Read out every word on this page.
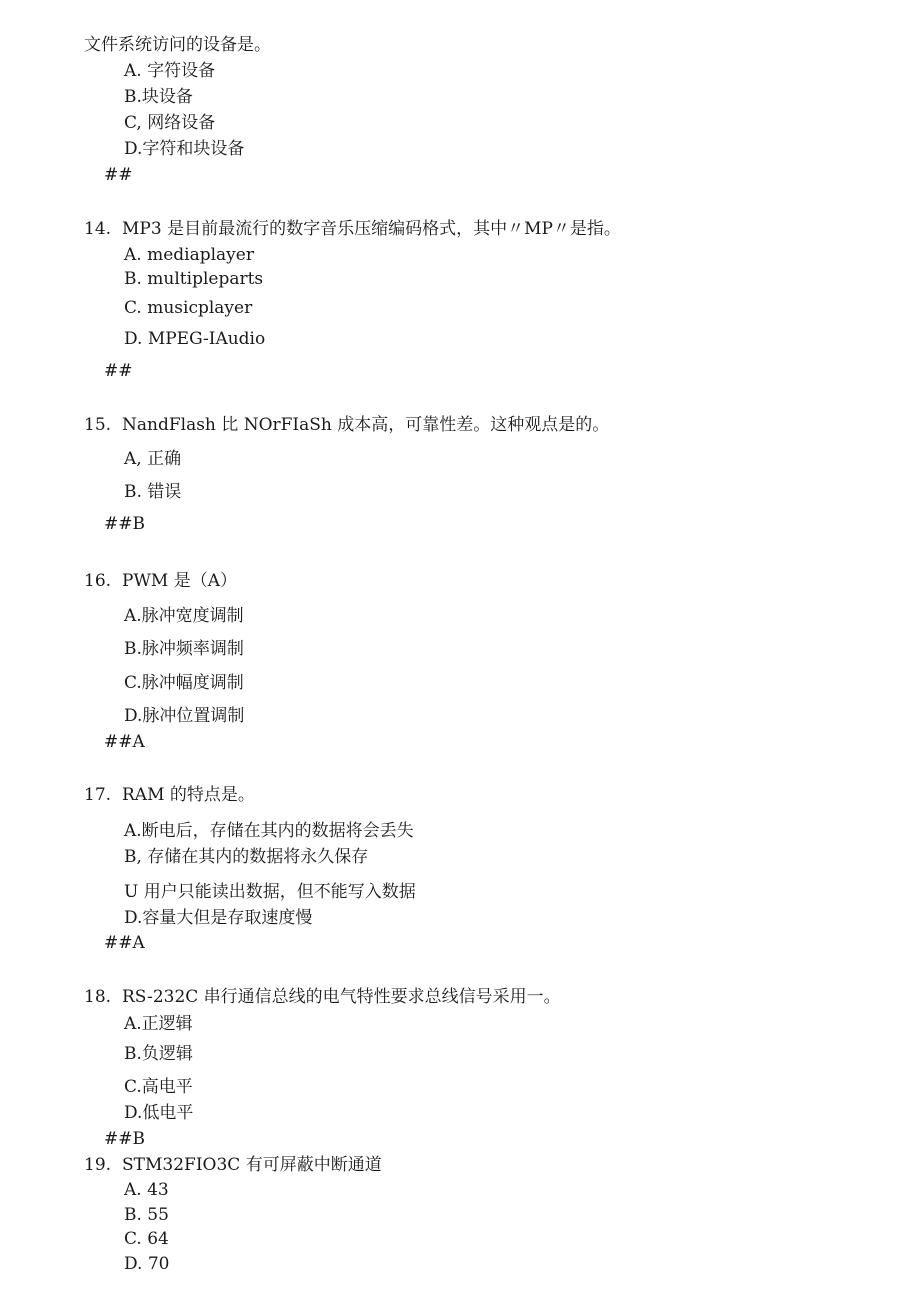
文件系统访问的设备是。
A. 字符设备
B.块设备
C, 网络设备
D.字符和块设备
##
14. MP3 是目前最流行的数字音乐压缩编码格式，其中〃MP〃是指。
A. mediaplayer
B. multipleparts
C. musicplayer
D. MPEG-IAudio
##
15. NandFlash 比 NOrFIaSh 成本高，可靠性差。这种观点是的。
A, 正确
B. 错误
##B
16. PWM 是（A）
A.脉冲宽度调制
B.脉冲频率调制
C.脉冲幅度调制
D.脉冲位置调制
##A
17. RAM 的特点是。
A.断电后，存储在其内的数据将会丢失
B, 存储在其内的数据将永久保存
U 用户只能读出数据，但不能写入数据
D.容量大但是存取速度慢
##A
18. RS-232C 串行通信总线的电气特性要求总线信号采用一。
A.正逻辑
B.负逻辑
C.高电平
D.低电平
##B
19. STM32FIO3C 有可屏蔽中断通道
A. 43
B. 55
C. 64
D. 70
